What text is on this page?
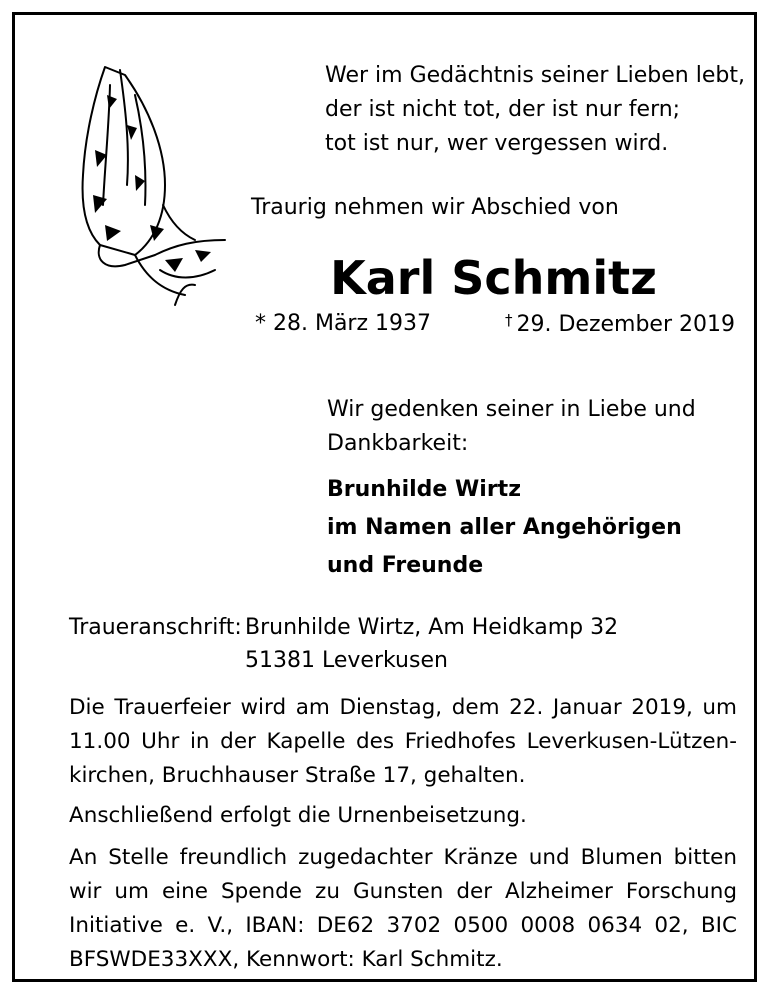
Wer im Gedächtnis seiner Lieben lebt,
der ist nicht tot, der ist nur fern;
tot ist nur, wer vergessen wird.
Traurig nehmen wir Abschied von
Karl Schmitz
* 28. März 1937	† 29. Dezember 2019
Wir gedenken seiner in Liebe und
Dankbarkeit:
Brunhilde Wirtz
im Namen aller Angehörigen
und Freunde
Traueranschrift: Brunhilde Wirtz, Am Heidkamp 32
51381 Leverkusen
Die Trauerfeier wird am Dienstag, dem 22. Januar 2019, um 11.00 Uhr in der Kapelle des Friedhofes Leverkusen-Lützenkirchen, Bruchhauser Straße 17, gehalten.
Anschließend erfolgt die Urnenbeisetzung.
An Stelle freundlich zugedachter Kränze und Blumen bitten wir um eine Spende zu Gunsten der Alzheimer Forschung Initiative e. V., IBAN: DE62 3702 0500 0008 0634 02, BIC BFSWDE33XXX, Kennwort: Karl Schmitz.
